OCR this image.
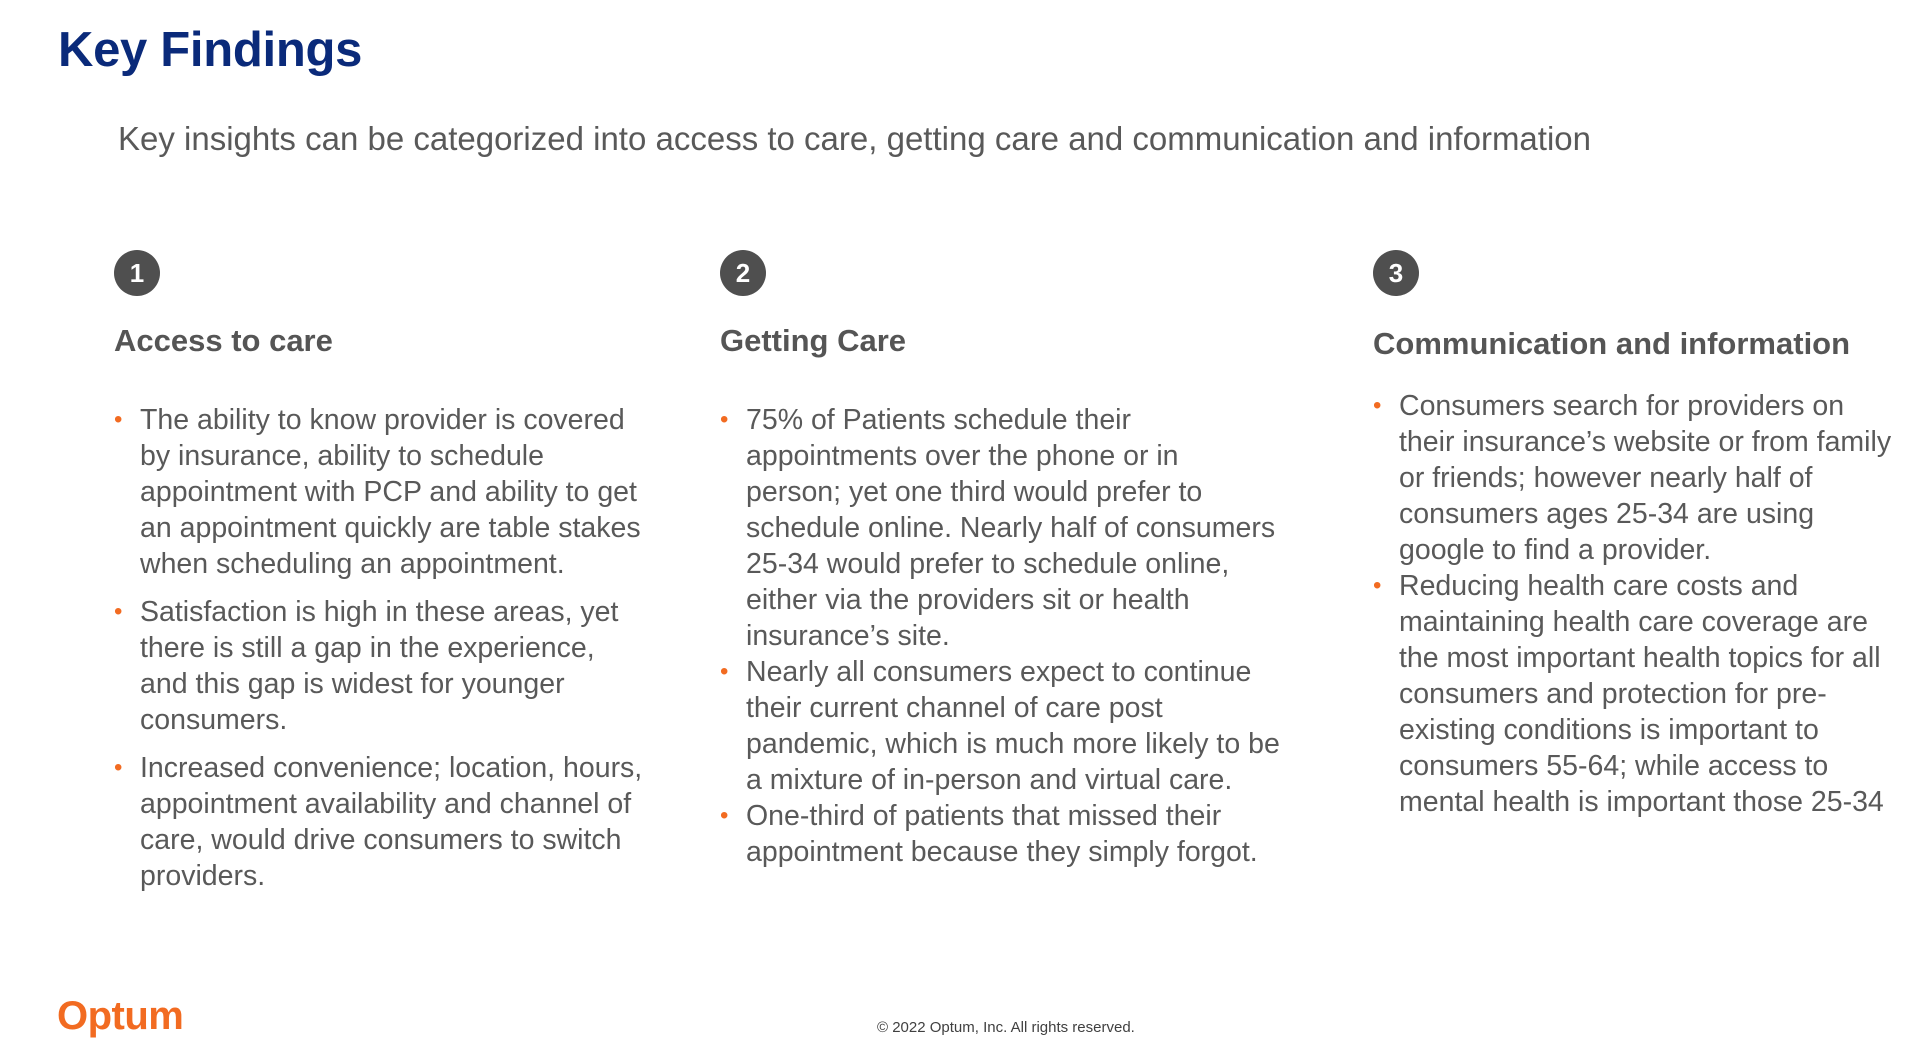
Key Findings

Key insights can be categorized into access to care, getting care and communication and information

1
Access to care
• The ability to know provider is covered by insurance, ability to schedule appointment with PCP and ability to get an appointment quickly are table stakes when scheduling an appointment.
• Satisfaction is high in these areas, yet there is still a gap in the experience, and this gap is widest for younger consumers.
• Increased convenience; location, hours, appointment availability and channel of care, would drive consumers to switch providers.
2
Getting Care
• 75% of Patients schedule their appointments over the phone or in person; yet one third would prefer to schedule online. Nearly half of consumers 25-34 would prefer to schedule online, either via the providers sit or health insurance’s site.
• Nearly all consumers expect to continue their current channel of care post pandemic, which is much more likely to be a mixture of in-person and virtual care.
• One-third of patients that missed their appointment because they simply forgot.
3
Communication and information
• Consumers search for providers on their insurance’s website or from family or friends; however nearly half of consumers ages 25-34 are using google to find a provider.
• Reducing health care costs and maintaining health care coverage are the most important health topics for all consumers and protection for pre-existing conditions is important to consumers 55-64; while access to mental health is important those 25-34
Optum	© 2022 Optum, Inc. All rights reserved.
